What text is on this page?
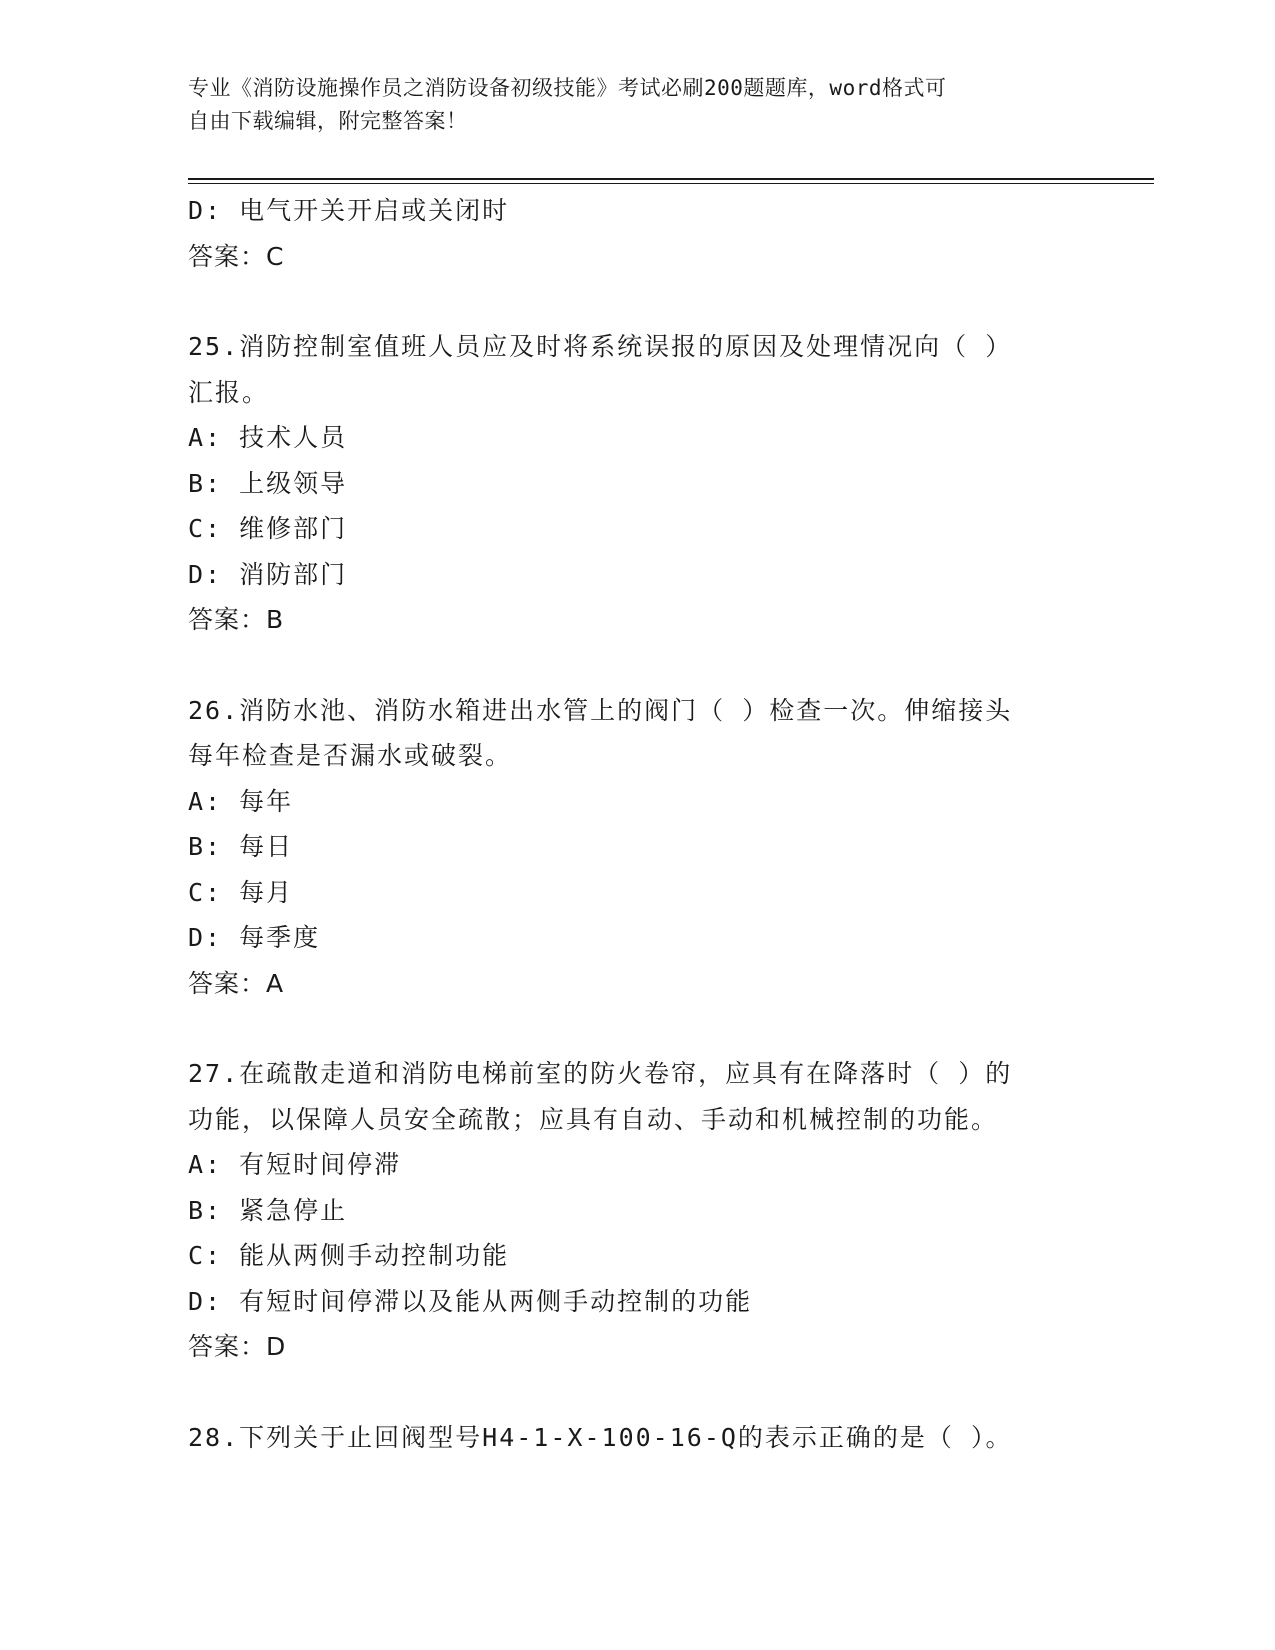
专业《消防设施操作员之消防设备初级技能》考试必刷200题题库，word格式可
自由下载编辑，附完整答案！
D: 电气开关开启或关闭时
答案：C
25.消防控制室值班人员应及时将系统误报的原因及处理情况向（ ）
汇报。
A: 技术人员
B: 上级领导
C: 维修部门
D: 消防部门
答案：B
26.消防水池、消防水箱进出水管上的阀门（ ）检查一次。伸缩接头
每年检查是否漏水或破裂。
A: 每年
B: 每日
C: 每月
D: 每季度
答案：A
27.在疏散走道和消防电梯前室的防火卷帘，应具有在降落时（ ）的
功能，以保障人员安全疏散；应具有自动、手动和机械控制的功能。
A: 有短时间停滞
B: 紧急停止
C: 能从两侧手动控制功能
D: 有短时间停滞以及能从两侧手动控制的功能
答案：D
28.下列关于止回阀型号H4-1-X-100-16-Q的表示正确的是（ ）。
